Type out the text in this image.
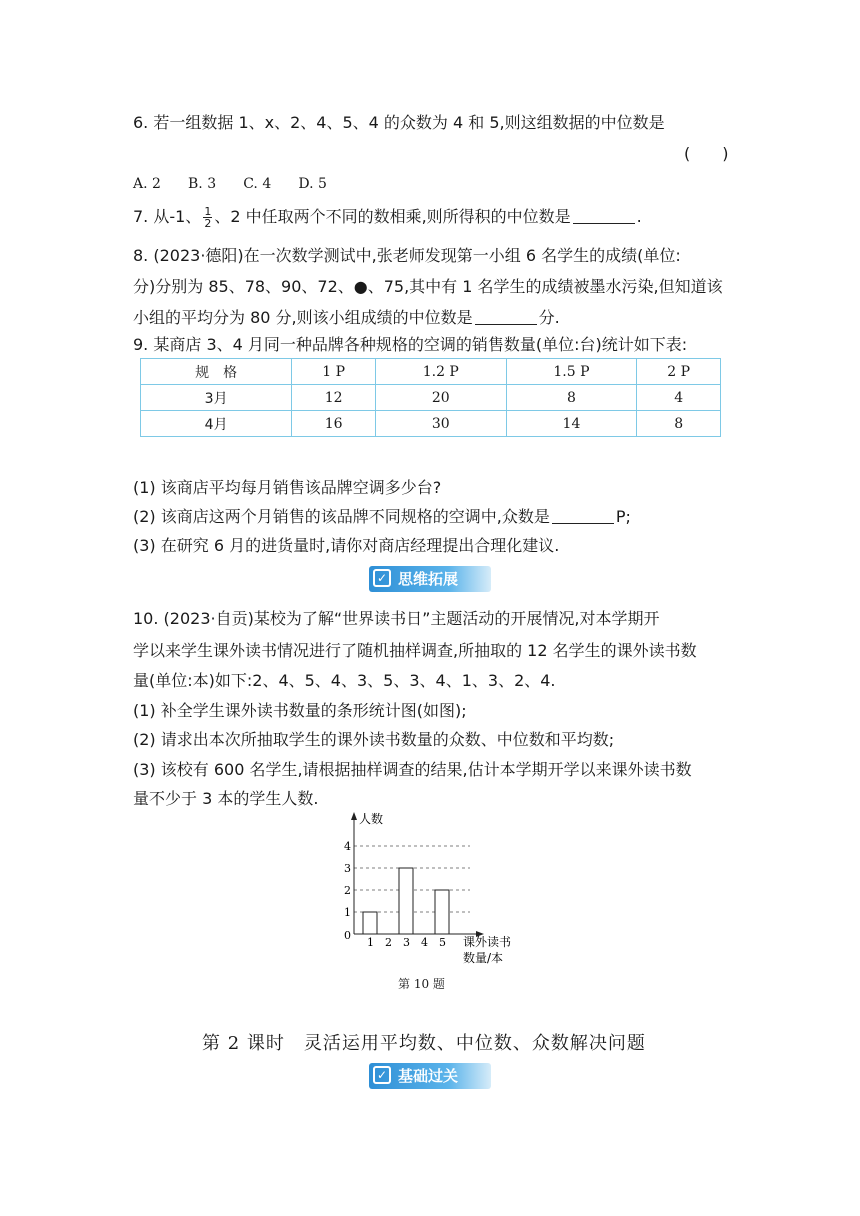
6. 若一组数据 1、x、2、4、5、4 的众数为 4 和 5,则这组数据的中位数是
(　　)
A. 2 B. 3 C. 4 D. 5
7. 从-1、 $\frac{1}{2}$ 、2 中任取两个不同的数相乘,则所得积的中位数是	.
8. (2023·德阳)在一次数学测试中,张老师发现第一小组 6 名学生的成绩(单位:
分)分别为 85、78、90、72、●、75,其中有 1 名学生的成绩被墨水污染,但知道该
小组的平均分为 80 分,则该小组成绩的中位数是	分.
9. 某商店 3、4 月同一种品牌各种规格的空调的销售数量(单位:台)统计如下表:
规　格	1 P	1.2 P	1.5 P	2 P
3月	12	20	8	4
4月	16	30	14	8
(1) 该商店平均每月销售该品牌空调多少台?
(2) 该商店这两个月销售的该品牌不同规格的空调中,众数是	P;
(3) 在研究 6 月的进货量时,请你对商店经理提出合理化建议.
✓ 思维拓展
10. (2023·自贡)某校为了解“世界读书日”主题活动的开展情况,对本学期开
学以来学生课外读书情况进行了随机抽样调查,所抽取的 12 名学生的课外读书数
量(单位:本)如下:2、4、5、4、3、5、3、4、1、3、2、4.
(1) 补全学生课外读书数量的条形统计图(如图);
(2) 请求出本次所抽取学生的课外读书数量的众数、中位数和平均数;
(3) 该校有 600 名学生,请根据抽样调查的结果,估计本学期开学以来课外读书数
量不少于 3 本的学生人数.
人数
0
1
2
3
4
1 2 3 4 5 课外读书
数量/本
第 10 题
第 2 课时　灵活运用平均数、中位数、众数解决问题
✓ 基础过关
